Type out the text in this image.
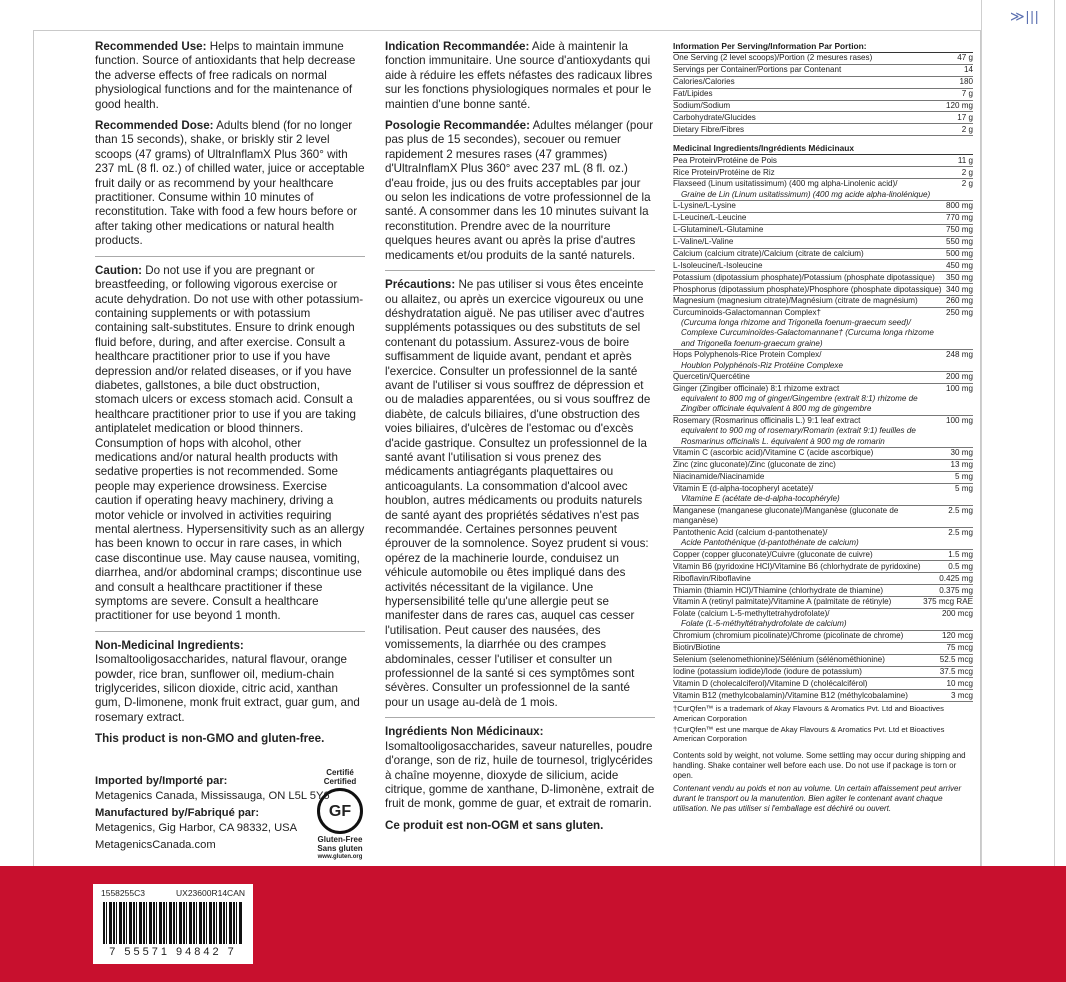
≫|||

Recommended Use: Helps to maintain immune function. Source of antioxidants that help decrease the adverse effects of free radicals on normal physiological functions and for the maintenance of good health.

Recommended Dose: Adults blend (for no longer than 15 seconds), shake, or briskly stir 2 level scoops (47 grams) of UltraInflamX Plus 360° with 237 mL (8 fl. oz.) of chilled water, juice or acceptable fruit daily or as recommend by your healthcare practitioner. Consume within 10 minutes of reconstitution. Take with food a few hours before or after taking other medications or natural health products.

Caution: Do not use if you are pregnant or breastfeeding, or following vigorous exercise or acute dehydration. Do not use with other potassium-containing supplements or with potassium containing salt-substitutes. Ensure to drink enough fluid before, during, and after exercise. Consult a healthcare practitioner prior to use if you have depression and/or related diseases, or if you have diabetes, gallstones, a bile duct obstruction, stomach ulcers or excess stomach acid. Consult a healthcare practitioner prior to use if you are taking antiplatelet medication or blood thinners. Consumption of hops with alcohol, other medications and/or natural health products with sedative properties is not recommended. Some people may experience drowsiness. Exercise caution if operating heavy machinery, driving a motor vehicle or involved in activities requiring mental alertness. Hypersensitivity such as an allergy has been known to occur in rare cases, in which case discontinue use. May cause nausea, vomiting, diarrhea, and/or abdominal cramps; discontinue use and consult a healthcare practitioner if these symptoms are severe. Consult a healthcare practitioner for use beyond 1 month.

Non-Medicinal Ingredients: Isomaltooligosaccharides, natural flavour, orange powder, rice bran, sunflower oil, medium-chain triglycerides, silicon dioxide, citric acid, xanthan gum, D-limonene, monk fruit extract, guar gum, and rosemary extract.

This product is non-GMO and gluten-free.

Indication Recommandée: Aide à maintenir la fonction immunitaire. Une source d'antioxydants qui aide à réduire les effets néfastes des radicaux libres sur les fonctions physiologiques normales et pour le maintien d'une bonne santé.

Posologie Recommandée: Adultes mélanger (pour pas plus de 15 secondes), secouer ou remuer rapidement 2 mesures rases (47 grammes) d'UltraInflamX Plus 360° avec 237 mL (8 fl. oz.) d'eau froide, jus ou des fruits acceptables par jour ou selon les indications de votre professionnel de la santé. A consommer dans les 10 minutes suivant la reconstitution. Prendre avec de la nourriture quelques heures avant ou après la prise d'autres medicaments et/ou produits de la santé naturels.

Précautions: Ne pas utiliser si vous êtes enceinte ou allaitez, ou après un exercice vigoureux ou une déshydratation aiguë. Ne pas utiliser avec d'autres suppléments potassiques ou des substituts de sel contenant du potassium. Assurez-vous de boire suffisamment de liquide avant, pendant et après l'exercice. Consulter un professionnel de la santé avant de l'utiliser si vous souffrez de dépression et ou de maladies apparentées, ou si vous souffrez de diabète, de calculs biliaires, d'une obstruction des voies biliaires, d'ulcères de l'estomac ou d'excès d'acide gastrique. Consultez un professionnel de la santé avant l'utilisation si vous prenez des médicaments antiagrégants plaquettaires ou anticoagulants. La consommation d'alcool avec houblon, autres médicaments ou produits naturels de santé ayant des propriétés sédatives n'est pas recommandée. Certaines personnes peuvent éprouver de la somnolence. Soyez prudent si vous: opérez de la machinerie lourde, conduisez un véhicule automobile ou êtes impliqué dans des activités nécessitant de la vigilance. Une hypersensibilité telle qu'une allergie peut se manifester dans de rares cas, auquel cas cesser l'utilisation. Peut causer des nausées, des vomissements, la diarrhée ou des crampes abdominales, cesser l'utiliser et consulter un professionnel de la santé si ces symptômes sont sévères. Consulter un professionnel de la santé pour un usage au-delà de 1 mois.

Ingrédients Non Médicinaux: Isomaltooligosaccharides, saveur naturelles, poudre d'orange, son de riz, huile de tournesol, triglycérides à chaîne moyenne, dioxyde de silicium, acide citrique, gomme de xanthane, D-limonène, extrait de fruit de monk, gomme de guar, et extrait de romarin.

Ce produit est non-OGM et sans gluten.

Information Per Serving/Information Par Portion:
One Serving (2 level scoops)/Portion (2 mesures rases)	47 g
Servings per Container/Portions par Contenant	14
Calories/Calories	180
Fat/Lipides	7 g
Sodium/Sodium	120 mg
Carbohydrate/Glucides	17 g
Dietary Fibre/Fibres	2 g
Medicinal Ingredients/Ingrédients Médicinaux
Pea Protein/Protéine de Pois	11 g
Rice Protein/Protéine de Riz	2 g
Flaxseed (Linum usitatissimum) (400 mg alpha-Linolenic acid)/
Graine de Lin (Linum usitatissimum) (400 mg acide alpha-linolénique)
2 g
L-Lysine/L-Lysine	800 mg
L-Leucine/L-Leucine	770 mg
L-Glutamine/L-Glutamine	750 mg
L-Valine/L-Valine	550 mg
Calcium (calcium citrate)/Calcium (citrate de calcium)	500 mg
L-Isoleucine/L-Isoleucine	450 mg
Potassium (dipotassium phosphate)/Potassium (phosphate dipotassique)	350 mg
Phosphorus (dipotassium phosphate)/Phosphore (phosphate dipotassique) 340 mg
Magnesium (magnesium citrate)/Magnésium (citrate de magnésium)	260 mg
Curcuminoids-Galactomannan Complex†
(Curcuma longa rhizome and Trigonella foenum-graecum seed)/ Complexe Curcuminoïdes-Galactomannane† (Curcuma longa rhizome and Trigonella foenum-graecum graine)
250 mg
Hops Polyphenols-Rice Protein Complex/
Houblon Polyphénols-Riz Protéine Complexe
248 mg
Quercetin/Quercétine	200 mg
Ginger (Zingiber officinale) 8:1 rhizome extract
equivalent to 800 mg of ginger/Gingembre (extrait 8:1) rhizome de Zingiber officinale équivalent à 800 mg de gingembre
100 mg
Rosemary (Rosmarinus officinalis L.) 9:1 leaf extract
equivalent to 900 mg of rosemary/Romarin (extrait 9:1) feuilles de Rosmarinus officinalis L. équivalent à 900 mg de romarin
100 mg
Vitamin C (ascorbic acid)/Vitamine C (acide ascorbique)	30 mg
Zinc (zinc gluconate)/Zinc (gluconate de zinc)	13 mg
Niacinamide/Niacinamide	5 mg
Vitamin E (d-alpha-tocopheryl acetate)/
Vitamine E (acétate de-d-alpha-tocophéryle)
5 mg
Manganese (manganese gluconate)/Manganèse (gluconate de manganèse)
2.5 mg
Pantothenic Acid (calcium d-pantothenate)/
Acide Pantothénique (d-pantothénate de calcium)
2.5 mg
Copper (copper gluconate)/Cuivre (gluconate de cuivre)	1.5 mg
Vitamin B6 (pyridoxine HCl)/Vitamine B6 (chlorhydrate de pyridoxine)	0.5 mg
Riboflavin/Riboflavine	0.425 mg
Thiamin (thiamin HCl)/Thiamine (chlorhydrate de thiamine)	0.375 mg
Vitamin A (retinyl palmitate)/Vitamine A (palmitate de rétinyle)	375 mcg RAE
Folate (calcium L-5-methyltetrahydrofolate)/
Folate (L-5-méthyltétrahydrofolate de calcium)
200 mcg
Chromium (chromium picolinate)/Chrome (picolinate de chrome)	120 mcg
Biotin/Biotine	75 mcg
Selenium (selenomethionine)/Sélénium (sélénométhionine)	52.5 mcg
Iodine (potassium iodide)/Iode (iodure de potassium)	37.5 mcg
Vitamin D (cholecalciferol)/Vitamine D (cholécalciférol)	10 mcg
Vitamin B12 (methylcobalamin)/Vitamine B12 (méthylcobalamine)	3 mcg
†CurQfen™ is a trademark of Akay Flavours & Aromatics Pvt. Ltd and Bioactives American Corporation
†CurQfen™ est une marque de Akay Flavours & Aromatics Pvt. Ltd et Bioactives American Corporation
Contents sold by weight, not volume. Some settling may occur during shipping and handling. Shake container well before each use. Do not use if package is torn or open.
Contenant vendu au poids et non au volume. Un certain affaissement peut arriver durant le transport ou la manutention. Bien agiter le contenant avant chaque utilisation. Ne pas utiliser si l'emballage est déchiré ou ouvert.

Imported by/Importé par:
Metagenics Canada, Mississauga, ON L5L 5Y6

Manufactured by/Fabriqué par:
Metagenics, Gig Harbor, CA 98332, USA

MetagenicsCanada.com

Certifié Certified
GF
Gluten-Free Sans gluten
www.gluten.org
1558255C3	UX23600R14CAN
7 55571 94842 7
